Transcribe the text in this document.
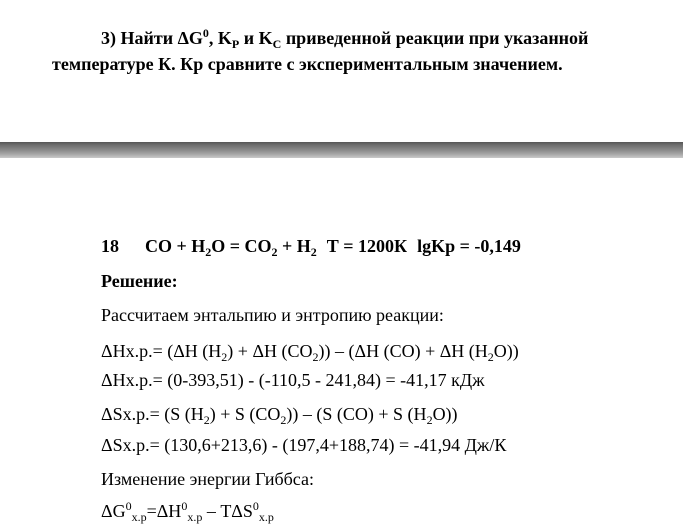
3) Найти $\Delta G^0$, $K_P$ и $K_C$ приведенной реакции при указанной
температуре К. Кр сравните с экспериментальным значением.
18 CO + $H_2O = CO_2 + H_2$ Т = 1200К lgKp = -0,149
Решение:
Рассчитаем энтальпию и энтропию реакции:
ΔHх.р.= (ΔH $(H_2) + \Delta H$ $(CO_2)) - (\Delta H$ (CO) + ΔH $(H_2O)$)
ΔHх.р.= (0-393,51) - (-110,5 - 241,84) = -41,17 кДж
ΔSх.р.= (S $(H_2) + S$ $(CO_2)) - (S$ (CO) + S $(H_2O)$)
ΔSх.р.= (130,6+213,6) - (197,4+188,74) = -41,94 Дж/К
Изменение энергии Гиббса:
$\Delta G^0_{х.р}=\Delta H^0_{х.р} - T\Delta S^0_{х.р}$
